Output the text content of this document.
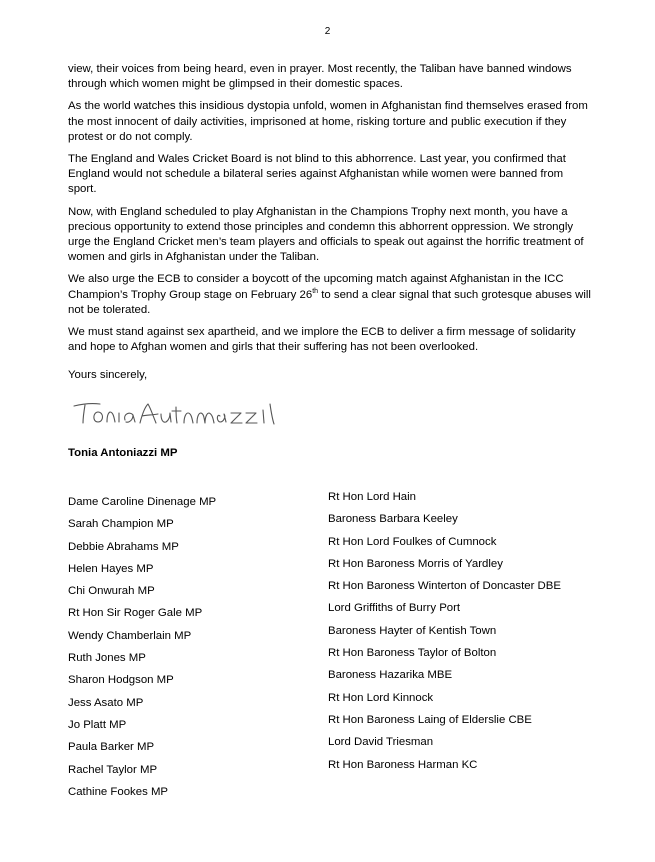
2

view, their voices from being heard, even in prayer. Most recently, the Taliban have banned windows through which women might be glimpsed in their domestic spaces.

As the world watches this insidious dystopia unfold, women in Afghanistan find themselves erased from the most innocent of daily activities, imprisoned at home, risking torture and public execution if they protest or do not comply.

The England and Wales Cricket Board is not blind to this abhorrence. Last year, you confirmed that England would not schedule a bilateral series against Afghanistan while women were banned from sport.

Now, with England scheduled to play Afghanistan in the Champions Trophy next month, you have a precious opportunity to extend those principles and condemn this abhorrent oppression. We strongly urge the England Cricket men’s team players and officials to speak out against the horrific treatment of women and girls in Afghanistan under the Taliban.

We also urge the ECB to consider a boycott of the upcoming match against Afghanistan in the ICC Champion’s Trophy Group stage on February 26th to send a clear signal that such grotesque abuses will not be tolerated.

We must stand against sex apartheid, and we implore the ECB to deliver a firm message of solidarity and hope to Afghan women and girls that their suffering has not been overlooked.

Yours sincerely,
Tonia Antoniazzi MP
Dame Caroline Dinenage MP
Sarah Champion MP
Debbie Abrahams MP
Helen Hayes MP
Chi Onwurah MP
Rt Hon Sir Roger Gale MP
Wendy Chamberlain MP
Ruth Jones MP
Sharon Hodgson MP
Jess Asato MP
Jo Platt MP
Paula Barker MP
Rachel Taylor MP
Cathine Fookes MP
Rt Hon Lord Hain
Baroness Barbara Keeley
Rt Hon Lord Foulkes of Cumnock
Rt Hon Baroness Morris of Yardley
Rt Hon Baroness Winterton of Doncaster DBE
Lord Griffiths of Burry Port
Baroness Hayter of Kentish Town
Rt Hon Baroness Taylor of Bolton
Baroness Hazarika MBE
Rt Hon Lord Kinnock
Rt Hon Baroness Laing of Elderslie CBE
Lord David Triesman
Rt Hon Baroness Harman KC
